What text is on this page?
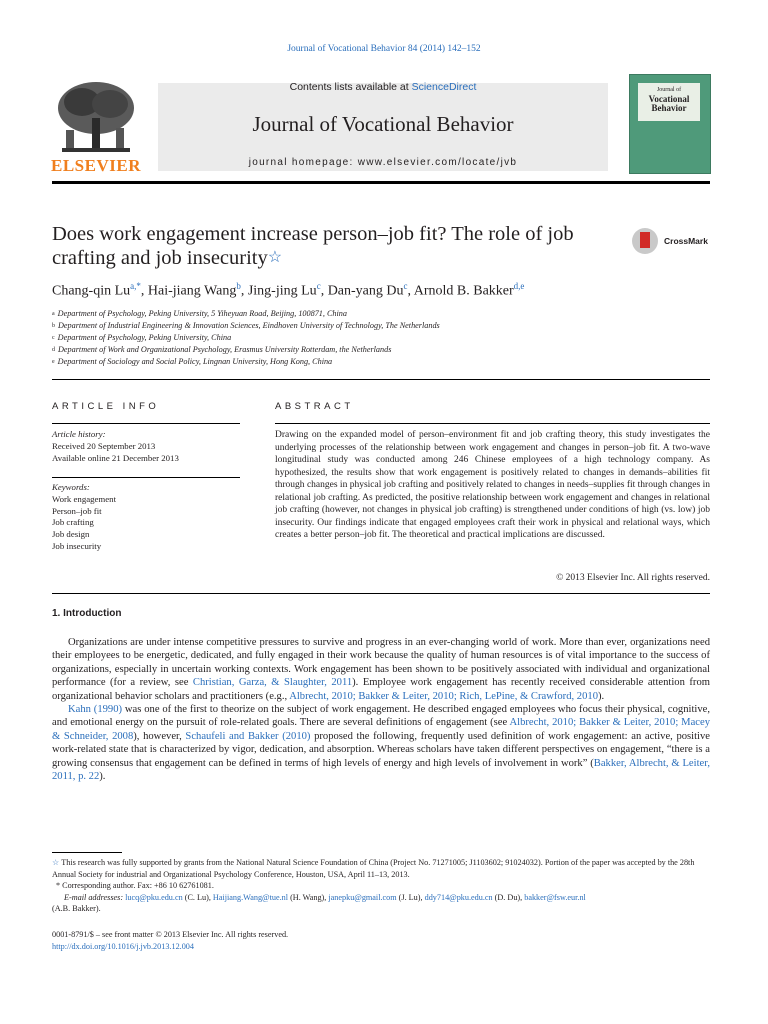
Journal of Vocational Behavior 84 (2014) 142–152
ELSEVIER
Contents lists available at ScienceDirect
Journal of Vocational Behavior
journal homepage: www.elsevier.com/locate/jvb
Journal of
Vocational
Behavior
Does work engagement increase person–job fit? The role of job crafting and job insecurity☆
CrossMark
Chang-qin $Lu^{a,*}$, Hai-jiang Wang$^b$, Jing-jing Lu$^c$, Dan-yang Du$^c$, Arnold B. Bakker$^{d,e}$
$^a$ Department of Psychology, Peking University, 5 Yiheyuan Road, Beijing, 100871, China
$^b$ Department of Industrial Engineering & Innovation Sciences, Eindhoven University of Technology, The Netherlands
$^c$ Department of Psychology, Peking University, China
$^d$ Department of Work and Organizational Psychology, Erasmus University Rotterdam, the Netherlands
$^e$ Department of Sociology and Social Policy, Lingnan University, Hong Kong, China
ARTICLE INFO
Article history:
Received 20 September 2013
Available online 21 December 2013
Keywords:
Work engagement
Person–job fit
Job crafting
Job design
Job insecurity
ABSTRACT
Drawing on the expanded model of person–environment fit and job crafting theory, this study investigates the underlying processes of the relationship between work engagement and changes in person–job fit. A two-wave longitudinal study was conducted among 246 Chinese employees of a high technology company. As hypothesized, the results show that work engagement is positively related to changes in demands–abilities fit through changes in physical job crafting and positively related to changes in needs–supplies fit through changes in relational job crafting. As predicted, the positive relationship between work engagement and changes in relational job crafting (however, not changes in physical job crafting) is strengthened under conditions of high (vs. low) job insecurity. Our findings indicate that engaged employees craft their work in physical and relational ways, which creates a better person–job fit. The theoretical and practical implications are discussed.
© 2013 Elsevier Inc. All rights reserved.
1. Introduction

Organizations are under intense competitive pressures to survive and progress in an ever-changing world of work. More than ever, organizations need their employees to be energetic, dedicated, and fully engaged in their work because the quality of human resources is of vital importance to the success of organizations, especially in uncertain working contexts. Work engagement has been shown to be positively associated with individual and organizational performance (for a review, see Christian, Garza, & Slaughter, 2011). Employee work engagement has recently received considerable attention from organizational behavior scholars and practitioners (e.g., Albrecht, 2010; Bakker & Leiter, 2010; Rich, LePine, & Crawford, 2010).

Kahn (1990) was one of the first to theorize on the subject of work engagement. He described engaged employees who focus their physical, cognitive, and emotional energy on the pursuit of role-related goals. There are several definitions of engagement (see Albrecht, 2010; Bakker & Leiter, 2010; Macey & Schneider, 2008), however, Schaufeli and Bakker (2010) proposed the following, frequently used definition of work engagement: an active, positive work-related state that is characterized by vigor, dedication, and absorption. Whereas scholars have taken different perspectives on engagement, “there is a growing consensus that engagement can be defined in terms of high levels of energy and high levels of involvement in work” (Bakker, Albrecht, & Leiter, 2011, p. 22).

☆ This research was fully supported by grants from the National Natural Science Foundation of China (Project No. 71271005; J1103602; 91024032). Portion of the paper was accepted by the 28th Annual Society for industrial and Organizational Psychology Conference, Houston, USA, April 11–13, 2013.
* Corresponding author. Fax: +86 10 62761081.
E-mail addresses: lucq@pku.edu.cn (C. Lu), Haijiang.Wang@tue.nl (H. Wang), janepku@gmail.com (J. Lu), ddy714@pku.edu.cn (D. Du), bakker@fsw.eur.nl
(A.B. Bakker).
0001-8791/$ – see front matter © 2013 Elsevier Inc. All rights reserved.
http://dx.doi.org/10.1016/j.jvb.2013.12.004
